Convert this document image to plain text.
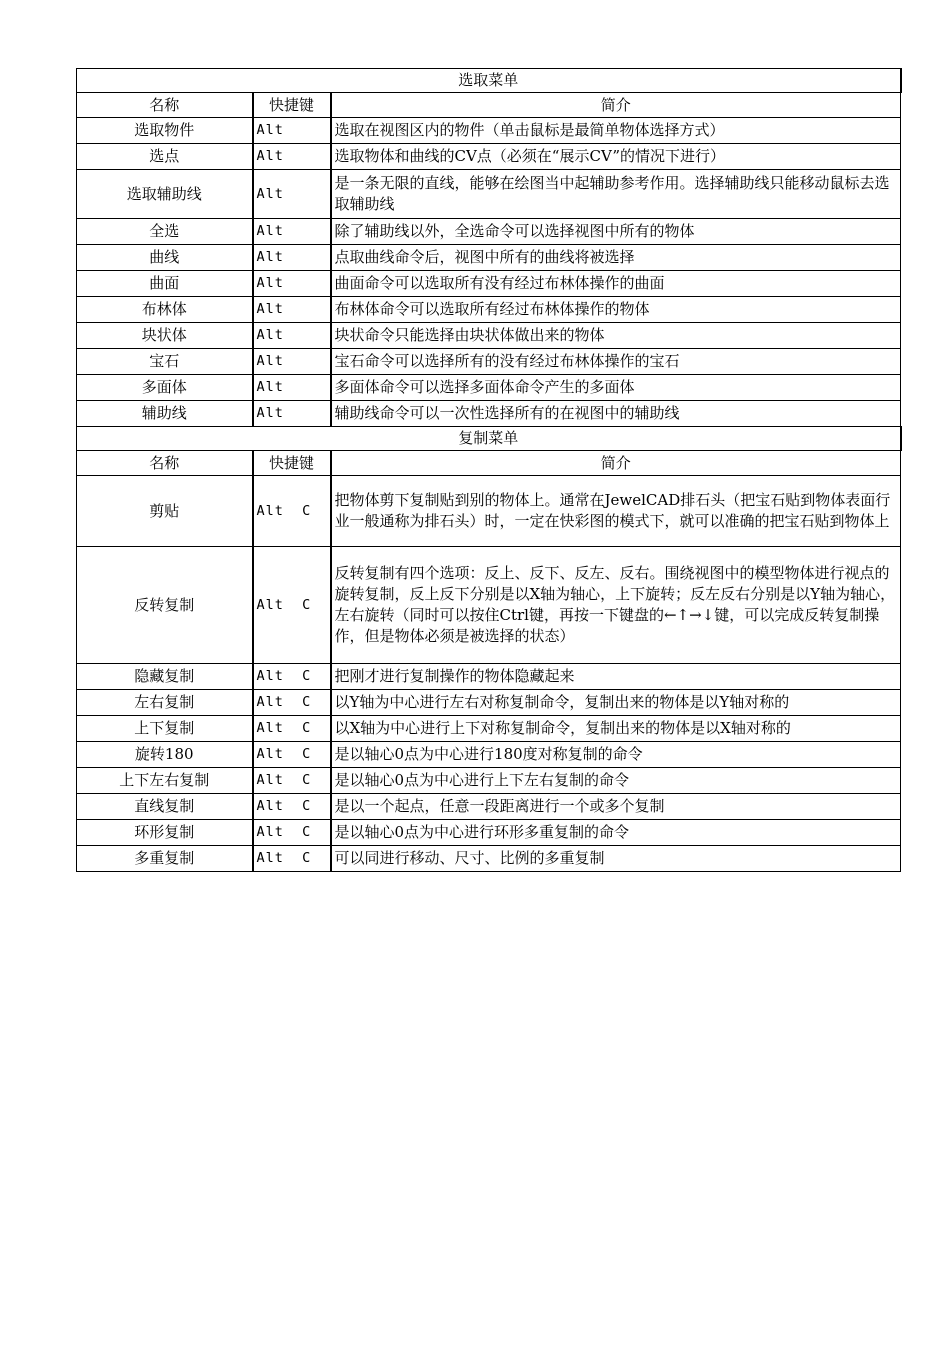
选取菜单		
名称	快捷键	简介
选取物件	Alt	选取在视图区内的物件（单击鼠标是最简单物体选择方式）
选点	Alt	选取物体和曲线的CV点（必须在“展示CV”的情况下进行）
选取辅助线	Alt	是一条无限的直线，能够在绘图当中起辅助参考作用。选择辅助线只能移动鼠标去选取辅助线
全选	Alt	除了辅助线以外，全选命令可以选择视图中所有的物体
曲线	Alt	点取曲线命令后，视图中所有的曲线将被选择
曲面	Alt	曲面命令可以选取所有没有经过布林体操作的曲面
布林体	Alt	布林体命令可以选取所有经过布林体操作的物体
块状体	Alt	块状命令只能选择由块状体做出来的物体
宝石	Alt	宝石命令可以选择所有的没有经过布林体操作的宝石
多面体	Alt	多面体命令可以选择多面体命令产生的多面体
辅助线	Alt	辅助线命令可以一次性选择所有的在视图中的辅助线
复制菜单		
名称	快捷键	简介
剪贴	Alt  C	把物体剪下复制贴到别的物体上。通常在JewelCAD排石头（把宝石贴到物体表面行业一般通称为排石头）时，一定在快彩图的模式下，就可以准确的把宝石贴到物体上
反转复制	Alt  C	反转复制有四个选项：反上、反下、反左、反右。围绕视图中的模型物体进行视点的旋转复制，反上反下分别是以X轴为轴心，上下旋转；反左反右分别是以Y轴为轴心，左右旋转（同时可以按住Ctrl键，再按一下键盘的←↑→↓键，可以完成反转复制操作，但是物体必须是被选择的状态）
隐藏复制	Alt  C	把刚才进行复制操作的物体隐藏起来
左右复制	Alt  C	以Y轴为中心进行左右对称复制命令，复制出来的物体是以Y轴对称的
上下复制	Alt  C	以X轴为中心进行上下对称复制命令，复制出来的物体是以X轴对称的
旋转180	Alt  C	是以轴心0点为中心进行180度对称复制的命令
上下左右复制	Alt  C	是以轴心0点为中心进行上下左右复制的命令
直线复制	Alt  C	是以一个起点，任意一段距离进行一个或多个复制
环形复制	Alt  C	是以轴心0点为中心进行环形多重复制的命令
多重复制	Alt  C	可以同进行移动、尺寸、比例的多重复制
